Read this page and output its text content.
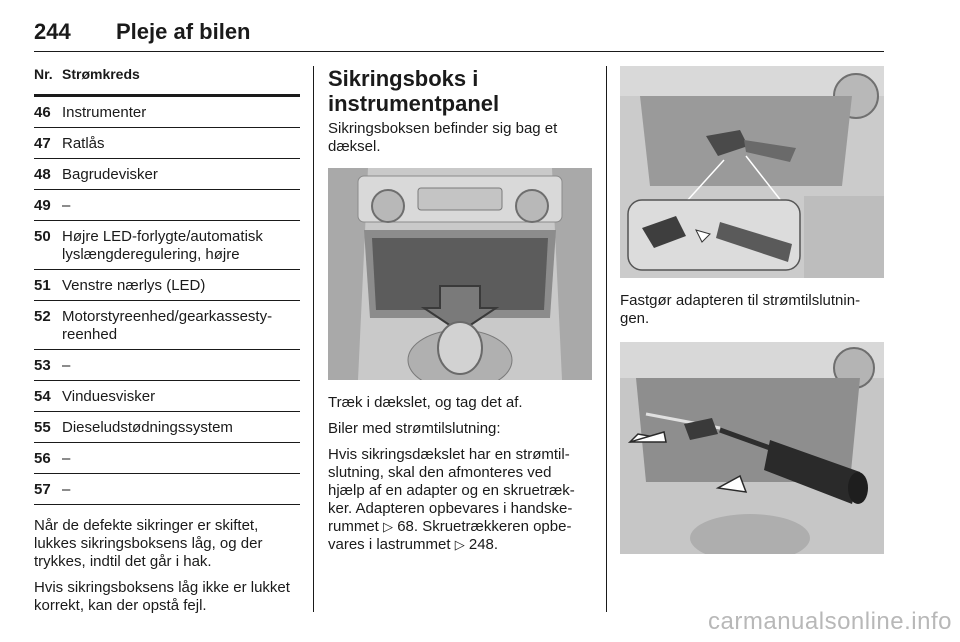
244	Pleje af bilen
Nr. Strømkreds
46 Instrumenter
47 Ratlås
48 Bagrudevisker
49 –
50 Højre LED-forlygte/automatisk lyslængderegulering, højre
51 Venstre nærlys (LED)
52 Motorstyreenhed/gearkassesty-reenhed
53 –
54 Vinduesvisker
55 Dieseludstødningssystem
56 –
57 –

Når de defekte sikringer er skiftet, lukkes sikringsboksens låg, og der trykkes, indtil det går i hak.

Hvis sikringsboksens låg ikke er lukket korrekt, kan der opstå fejl.

Sikringsboks i instrumentpanel

Sikringsboksen befinder sig bag et dæksel.

Træk i dækslet, og tag det af.

Biler med strømtilslutning:

Hvis sikringsdækslet har en strømtil-slutning, skal den afmonteres ved hjælp af en adapter og en skruetræk-ker. Adapteren opbevares i handske-rummet ▷ 68. Skruetrækkeren opbe-vares i lastrummet ▷ 248.

Fastgør adapteren til strømtilslutnin-gen.

carmanualsonline.info
